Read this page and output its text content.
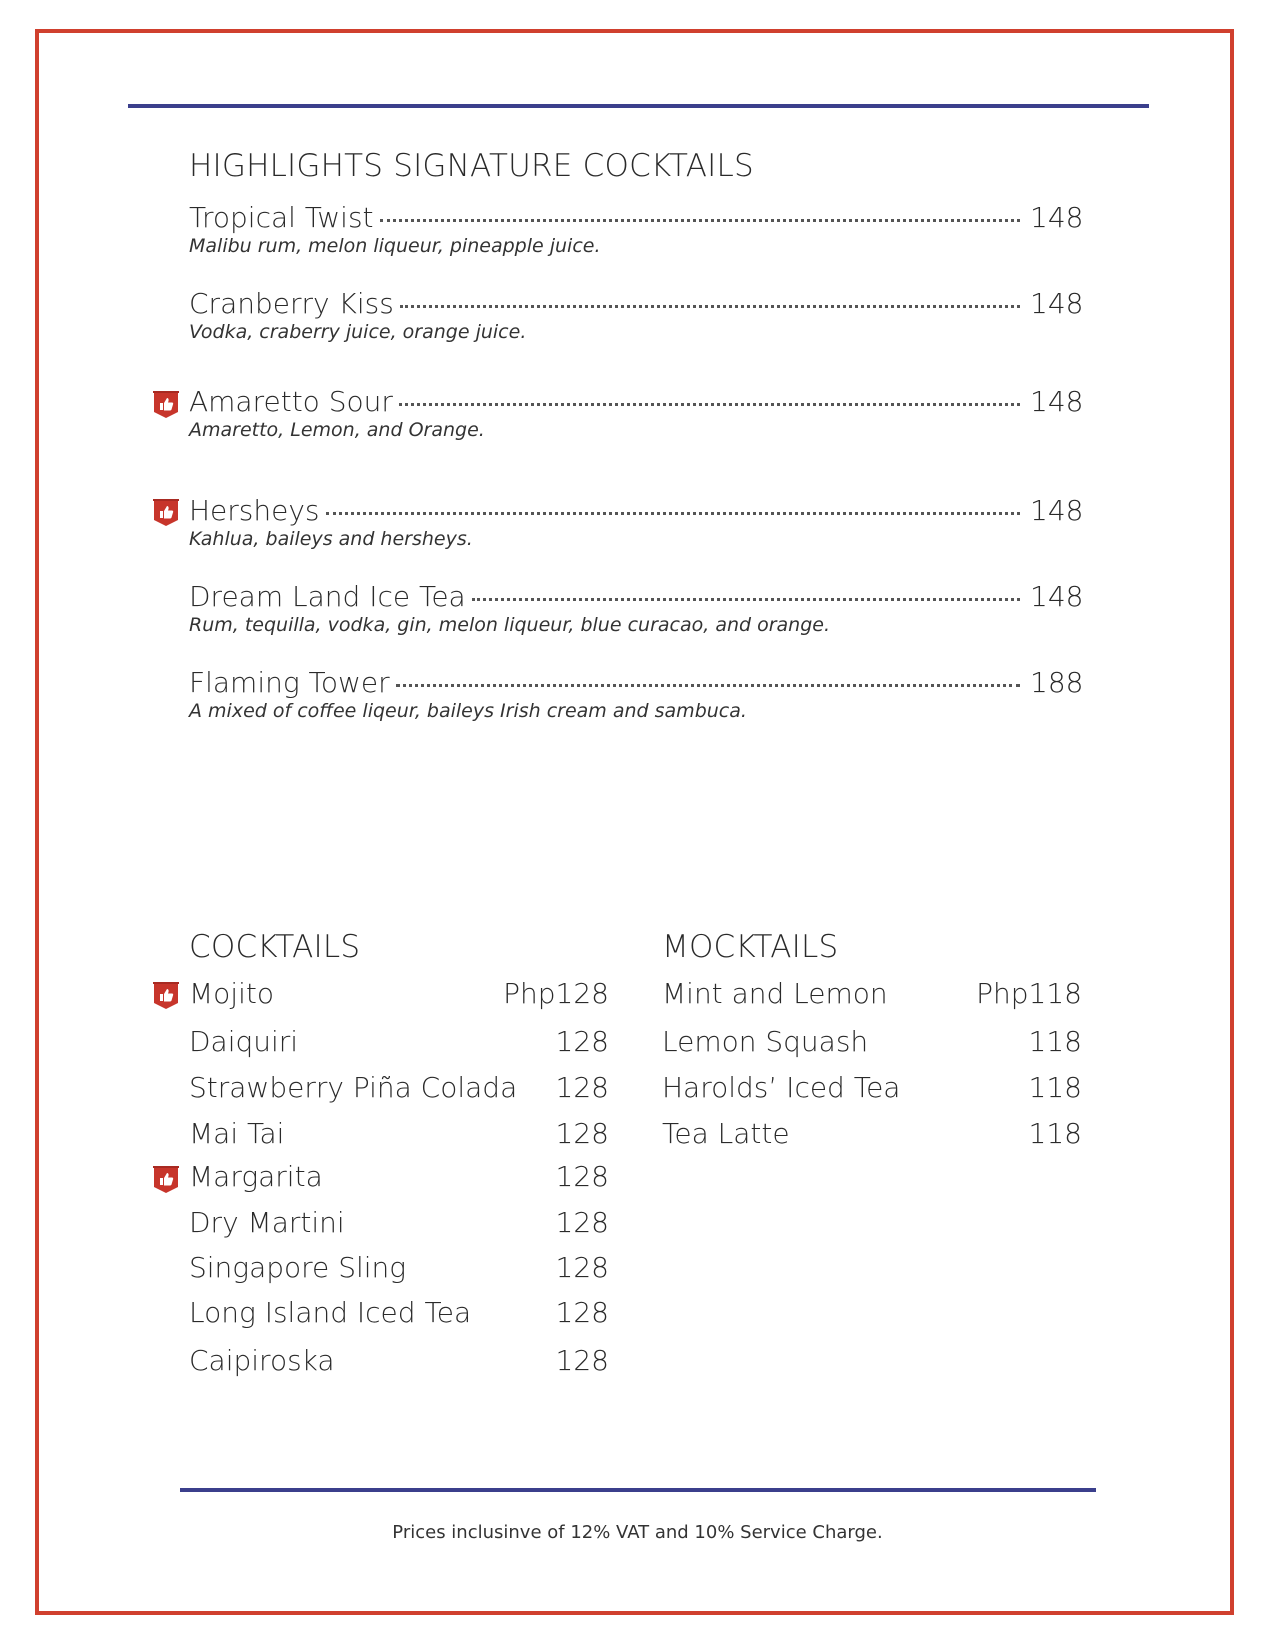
HIGHLIGHTS SIGNATURE COCKTAILS
Tropical Twist	148
Malibu rum, melon liqueur, pineapple juice.
Cranberry Kiss	148
Vodka, craberry juice, orange juice.
Amaretto Sour	148
Amaretto, Lemon, and Orange.
Hersheys	148
Kahlua, baileys and hersheys.
Dream Land Ice Tea	148
Rum, tequilla, vodka, gin, melon liqueur, blue curacao, and orange.
Flaming Tower	188
A mixed of coffee liqeur, baileys Irish cream and sambuca.
COCKTAILS
Mojito	Php128
Daiquiri	128
Strawberry Piña Colada 128
Mai Tai	128
Margarita	128
Dry Martini	128
Singapore Sling	128
Long Island Iced Tea	128
Caipiroska	128
MOCKTAILS
Mint and Lemon	Php118
Lemon Squash	118
Harolds’ Iced Tea	118
Tea Latte	118
Prices inclusinve of 12% VAT and 10% Service Charge.
